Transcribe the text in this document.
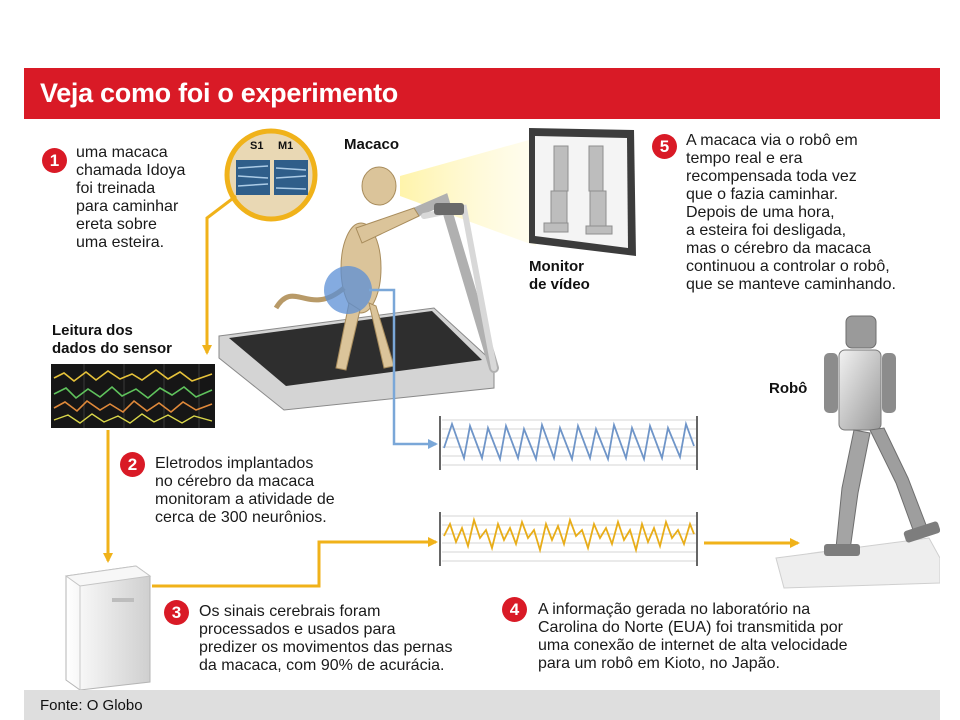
Veja como foi o experimento
Macaco
S1 M1
Monitor
de vídeo
Leitura dos
dados do sensor
Robô
1	uma macaca
chamada Idoya
foi treinada
para caminhar
ereta sobre
uma esteira.
2	Eletrodos implantados
no cérebro da macaca
monitoram a atividade de
cerca de 300 neurônios.
3	Os sinais cerebrais foram
processados e usados para
predizer os movimentos das pernas
da macaca, com 90% de acurácia.
4	A informação gerada no laboratório na
Carolina do Norte (EUA) foi transmitida por
uma conexão de internet de alta velocidade
para um robô em Kioto, no Japão.
5	A macaca via o robô em
tempo real e era
recompensada toda vez
que o fazia caminhar.
Depois de uma hora,
a esteira foi desligada,
mas o cérebro da macaca
continuou a controlar o robô,
que se manteve caminhando.
Fonte: O Globo
